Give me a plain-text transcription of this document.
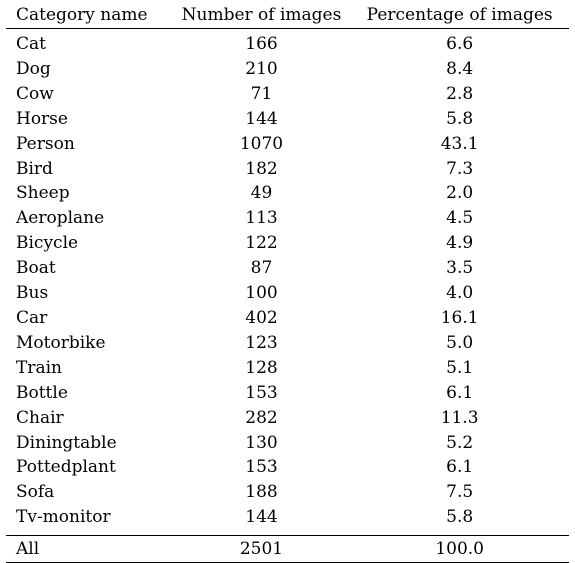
Category name	Number of images	Percentage of images
Cat	166	6.6
Dog	210	8.4
Cow	71	2.8
Horse	144	5.8
Person	1070	43.1
Bird	182	7.3
Sheep	49	2.0
Aeroplane	113	4.5
Bicycle	122	4.9
Boat	87	3.5
Bus	100	4.0
Car	402	16.1
Motorbike	123	5.0
Train	128	5.1
Bottle	153	6.1
Chair	282	11.3
Diningtable	130	5.2
Pottedplant	153	6.1
Sofa	188	7.5
Tv-monitor	144	5.8
All	2501	100.0
